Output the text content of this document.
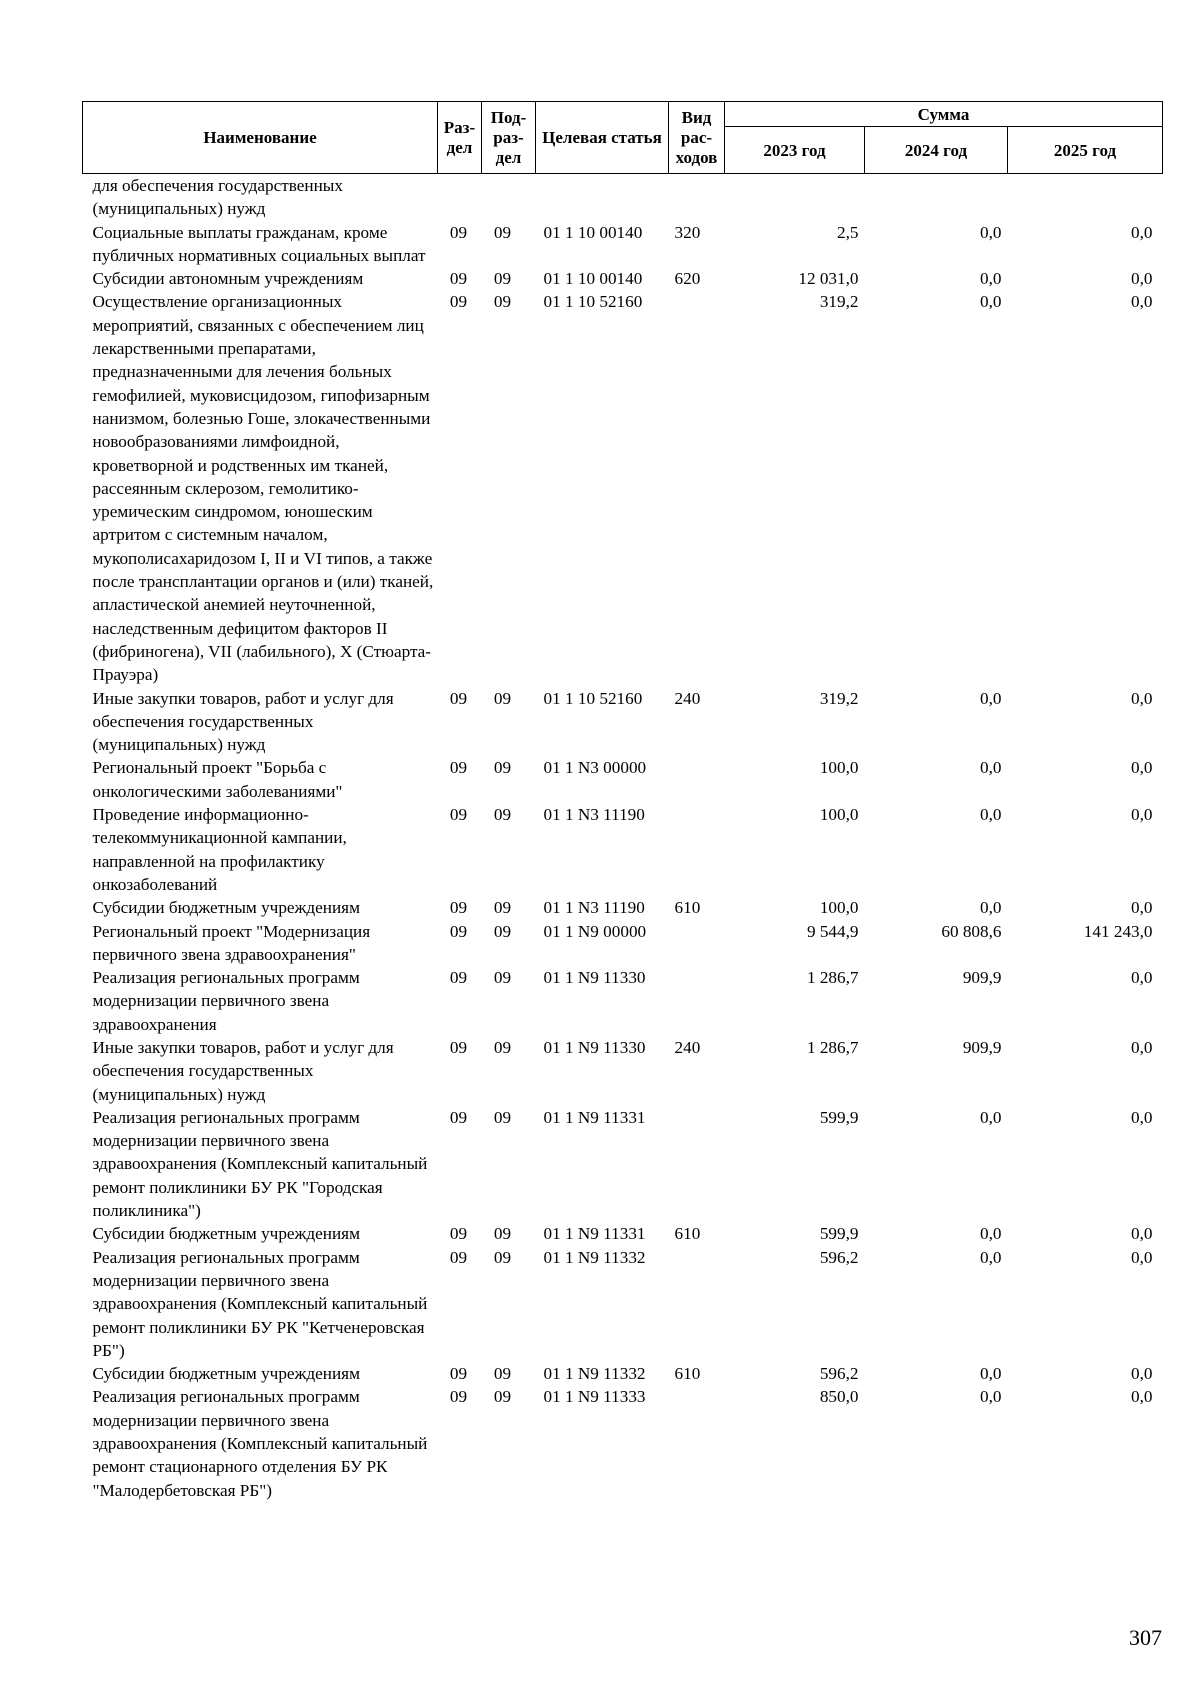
Наименование	Раз-дел	Под-раз-дел	Целевая статья	Вид рас-ходов	Сумма		
					2023 год	2024 год	2025 год
для обеспечения государственных (муниципальных) нужд							
Социальные выплаты гражданам, кроме публичных нормативных социальных выплат	09	09	01 1 10 00140	320	2,5	0,0	0,0
Субсидии автономным учреждениям	09	09	01 1 10 00140	620	12 031,0	0,0	0,0
Осуществление организационных мероприятий, связанных с обеспечением лиц лекарственными препаратами, предназначенными для лечения больных гемофилией, муковисцидозом, гипофизарным нанизмом, болезнью Гоше, злокачественными новообразованиями лимфоидной, кроветворной и родственных им тканей, рассеянным склерозом, гемолитико-уремическим синдромом, юношеским артритом с системным началом, мукополисахаридозом I, II и VI типов, а также после трансплантации органов и (или) тканей, апластической анемией неуточненной, наследственным дефицитом факторов II (фибриногена), VII (лабильного), X (Стюарта-Прауэра)	09	09	01 1 10 52160		319,2	0,0	0,0
Иные закупки товаров, работ и услуг для обеспечения государственных (муниципальных) нужд	09	09	01 1 10 52160	240	319,2	0,0	0,0
Региональный проект "Борьба с онкологическими заболеваниями"	09	09	01 1 N3 00000		100,0	0,0	0,0
Проведение информационно-телекоммуникационной кампании, направленной на профилактику онкозаболеваний	09	09	01 1 N3 11190		100,0	0,0	0,0
Субсидии бюджетным учреждениям	09	09	01 1 N3 11190	610	100,0	0,0	0,0
Региональный проект "Модернизация первичного звена здравоохранения"	09	09	01 1 N9 00000		9 544,9	60 808,6	141 243,0
Реализация региональных программ модернизации первичного звена здравоохранения	09	09	01 1 N9 11330		1 286,7	909,9	0,0
Иные закупки товаров, работ и услуг для обеспечения государственных (муниципальных) нужд	09	09	01 1 N9 11330	240	1 286,7	909,9	0,0
Реализация региональных программ модернизации первичного звена здравоохранения (Комплексный капитальный ремонт поликлиники БУ РК "Городская поликлиника")	09	09	01 1 N9 11331		599,9	0,0	0,0
Субсидии бюджетным учреждениям	09	09	01 1 N9 11331	610	599,9	0,0	0,0
Реализация региональных программ модернизации первичного звена здравоохранения (Комплексный капитальный ремонт поликлиники БУ РК "Кетченеровская РБ")	09	09	01 1 N9 11332		596,2	0,0	0,0
Субсидии бюджетным учреждениям	09	09	01 1 N9 11332	610	596,2	0,0	0,0
Реализация региональных программ модернизации первичного звена здравоохранения (Комплексный капитальный ремонт стационарного отделения БУ РК "Малодербетовская РБ")	09	09	01 1 N9 11333		850,0	0,0	0,0
307
